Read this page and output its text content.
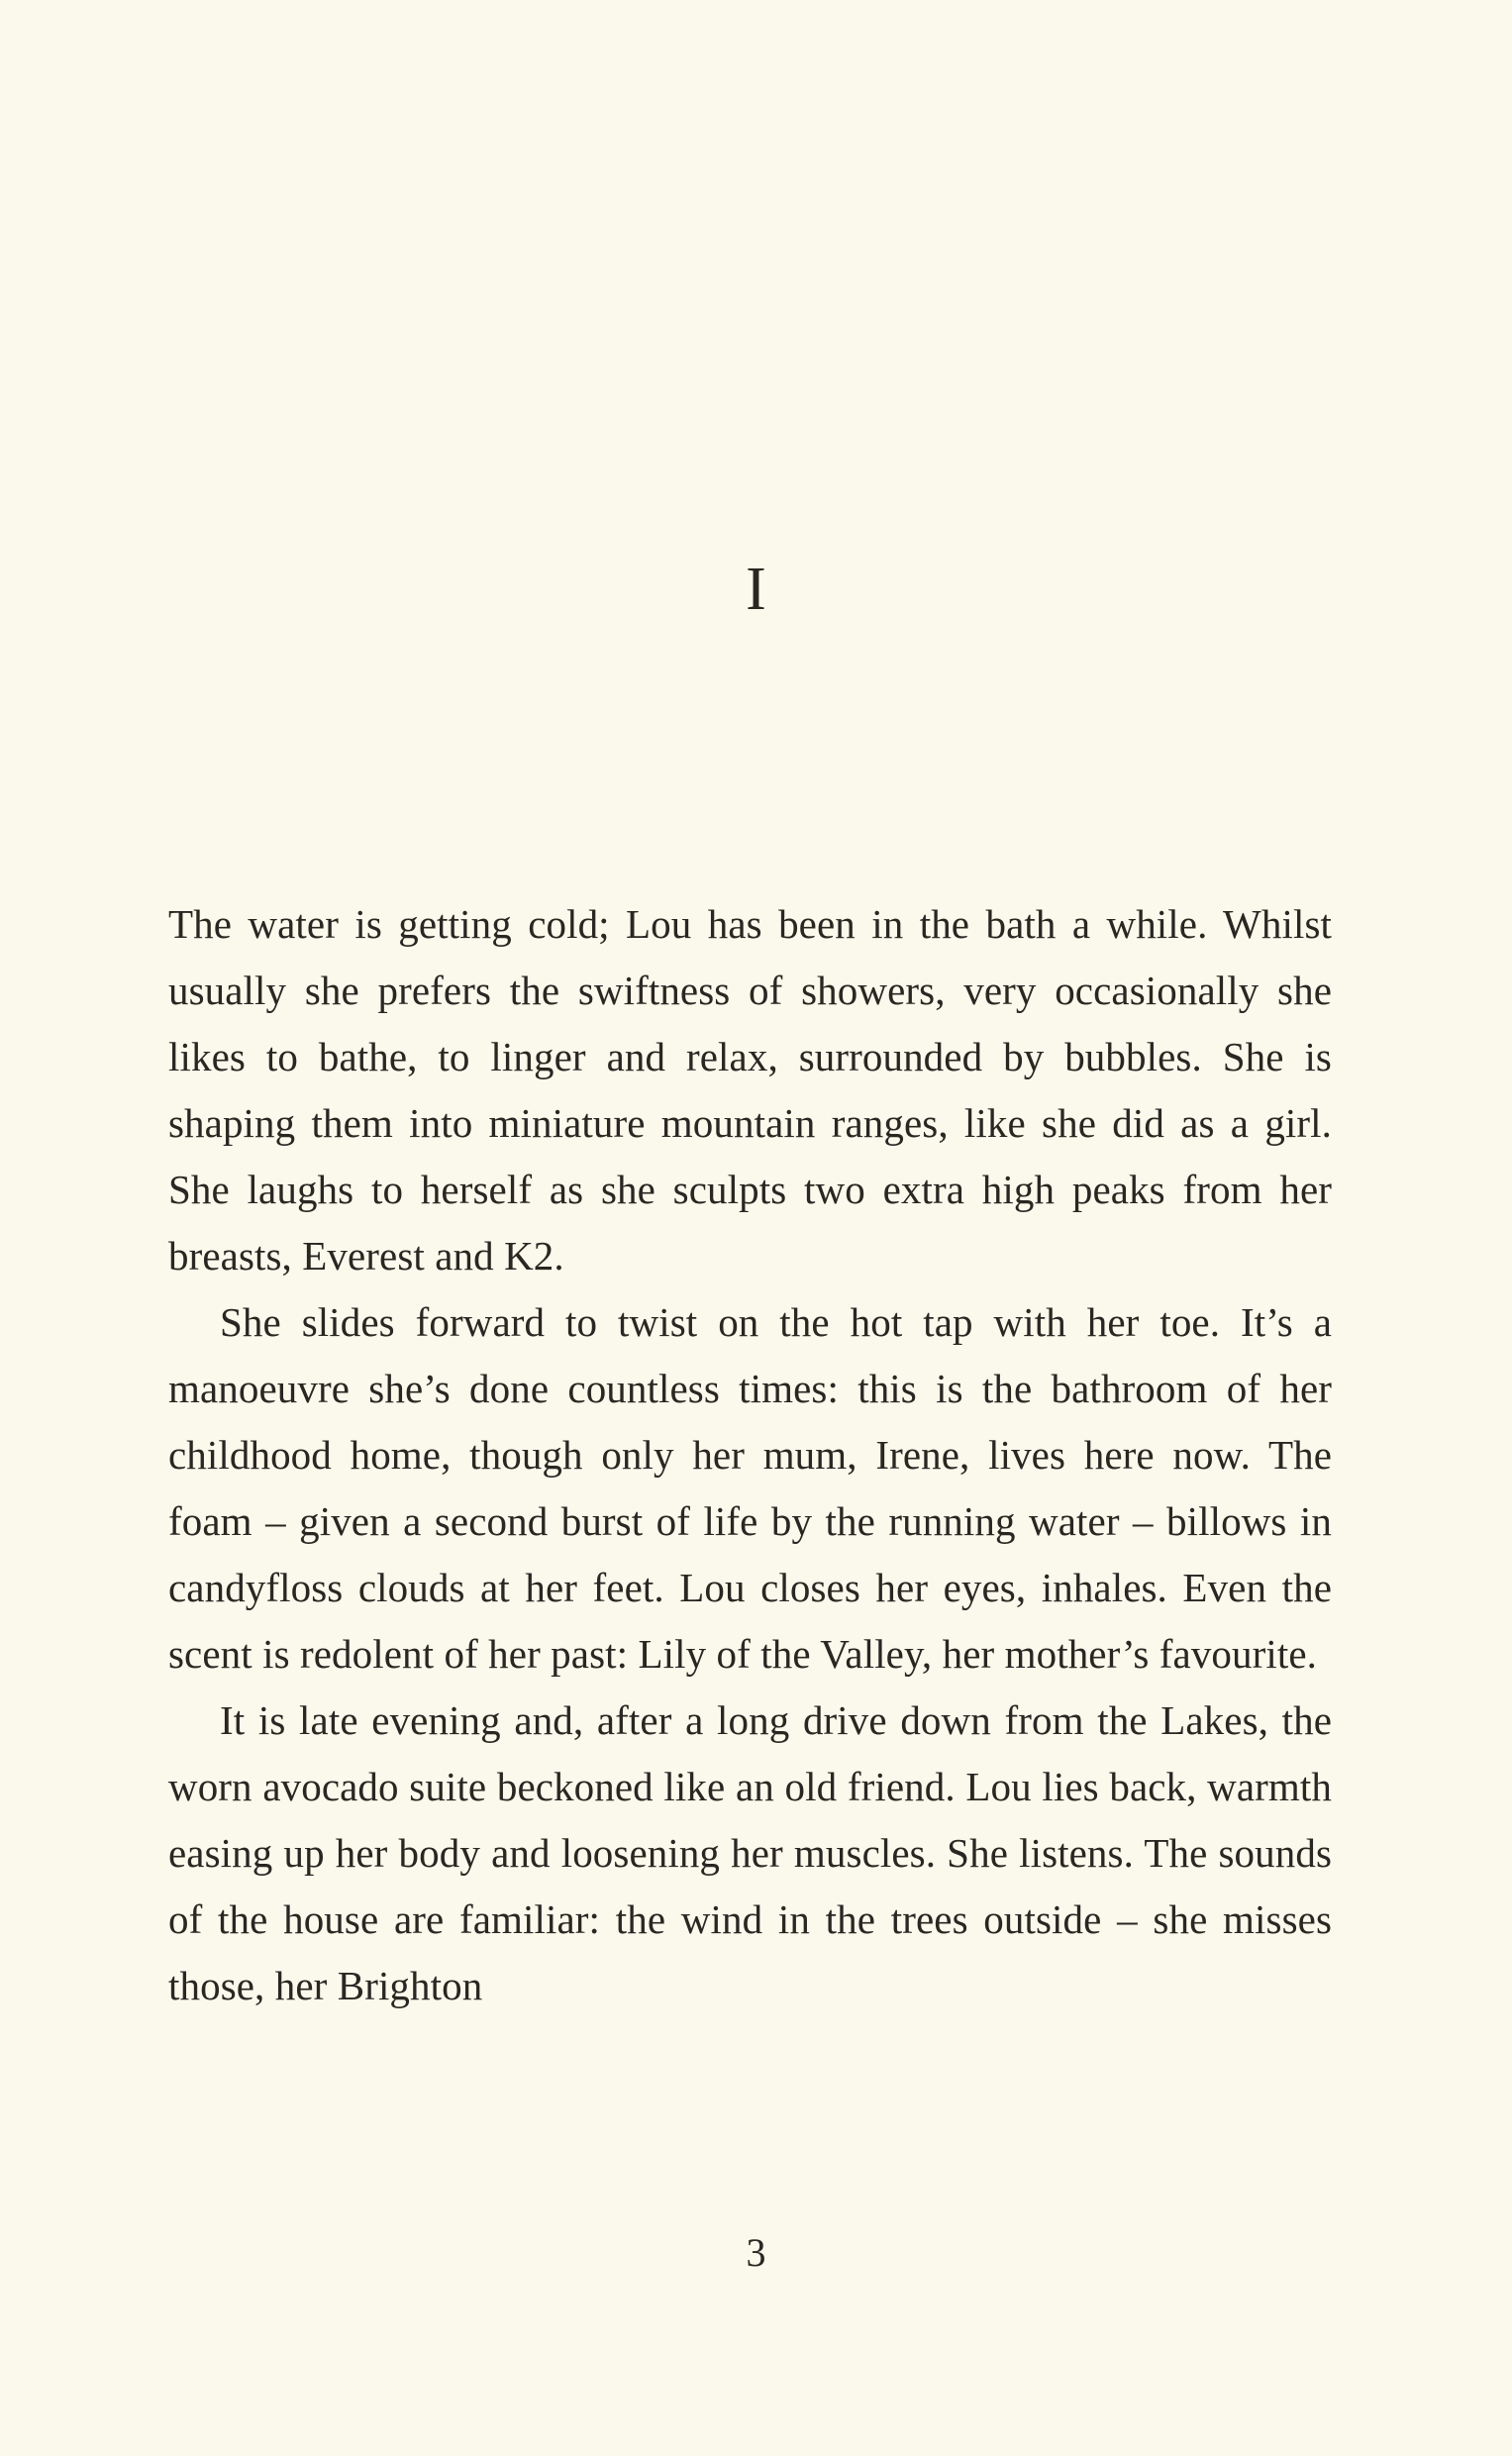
I

The water is getting cold; Lou has been in the bath a while. Whilst usually she prefers the swiftness of showers, very occasionally she likes to bathe, to linger and relax, surrounded by bubbles. She is shaping them into miniature mountain ranges, like she did as a girl. She laughs to herself as she sculpts two extra high peaks from her breasts, Everest and K2.

She slides forward to twist on the hot tap with her toe. It’s a manoeuvre she’s done countless times: this is the bathroom of her childhood home, though only her mum, Irene, lives here now. The foam – given a second burst of life by the running water – billows in candyfloss clouds at her feet. Lou closes her eyes, inhales. Even the scent is redolent of her past: Lily of the Valley, her mother’s favourite.

It is late evening and, after a long drive down from the Lakes, the worn avocado suite beckoned like an old friend. Lou lies back, warmth easing up her body and loosening her muscles. She listens. The sounds of the house are familiar: the wind in the trees outside – she misses those, her Brighton

3
